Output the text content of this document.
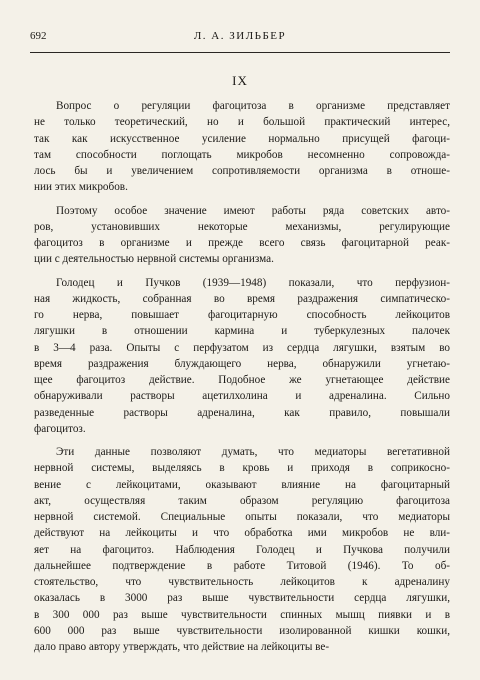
692	Л. А. ЗИЛЬБЕР
IX
Вопрос о регуляции фагоцитоза в организме представляет
не только теоретический, но и большой практический интерес,
так как искусственное усиление нормально присущей фагоци-
там способности поглощать микробов несомненно сопровожда-
лось бы и увеличением сопротивляемости организма в отноше-
нии этих микробов.
Поэтому особое значение имеют работы ряда советских авто-
ров, установивших некоторые механизмы, регулирующие
фагоцитоз в организме и прежде всего связь фагоцитарной реак-
ции с деятельностью нервной системы организма.
Голодец и Пучков (1939—1948) показали, что перфузион-
ная жидкость, собранная во время раздражения симпатическо-
го нерва, повышает фагоцитарную способность лейкоцитов
лягушки в отношении кармина и туберкулезных палочек
в 3—4 раза. Опыты с перфузатом из сердца лягушки, взятым во
время раздражения блуждающего нерва, обнаружили угнетаю-
щее фагоцитоз действие. Подобное же угнетающее действие
обнаруживали растворы ацетилхолина и адреналина. Сильно
разведенные растворы адреналина, как правило, повышали
фагоцитоз.
Эти данные позволяют думать, что медиаторы вегетативной
нервной системы, выделяясь в кровь и приходя в соприкосно-
вение с лейкоцитами, оказывают влияние на фагоцитарный
акт, осуществляя таким образом регуляцию фагоцитоза
нервной системой. Специальные опыты показали, что медиаторы
действуют на лейкоциты и что обработка ими микробов не вли-
яет на фагоцитоз. Наблюдения Голодец и Пучкова получили
дальнейшее подтверждение в работе Титовой (1946). То об-
стоятельство, что чувствительность лейкоцитов к адреналину
оказалась в 3000 раз выше чувствительности сердца лягушки,
в 300 000 раз выше чувствительности спинных мышц пиявки и в
600 000 раз выше чувствительности изолированной кишки кошки,
дало право автору утверждать, что действие на лейкоциты ве-
